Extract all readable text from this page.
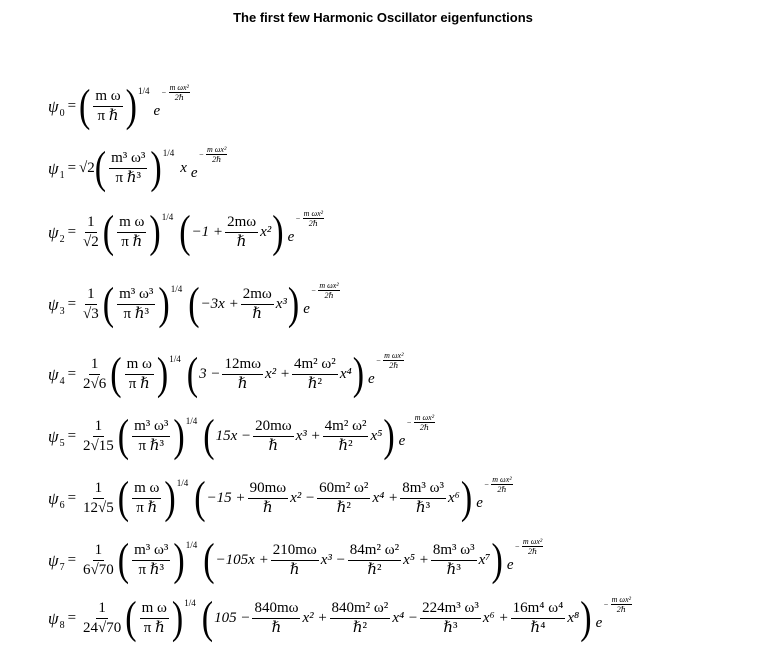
The first few Harmonic Oscillator eigenfunctions
ψ 0 = ( $\frac{\text{m ω}}{\text{π ℏ}}$ ) 1/4
e
− $\frac{\text{m ωx²}}{\text{2ℏ}}$
ψ 1 = √2 ( $\frac{\text{m³ ω³}}{\text{π ℏ³}}$ ) 1/4
x e
− $\frac{\text{m ωx²}}{\text{2ℏ}}$
ψ $2 = \frac{1}{√2}$ ( $\frac{\text{m ω}}{\text{π ℏ}}$ ) 1/4 ( $-1 + \frac{2m\omega}{\text{ℏ}} x^2$ ) e
− $\frac{\text{m ωx²}}{\text{2ℏ}}$
ψ $3 = \frac{1}{√3}$ ( $\frac{\text{m³ ω³}}{\text{π ℏ³}}$ ) 1/4 ( $-3x + \frac{2m\omega}{\text{ℏ}} x^3$ ) e
− $\frac{\text{m ωx²}}{\text{2ℏ}}$
ψ $4 = \frac{1}{2√6}$ ( $\frac{\text{m ω}}{\text{π ℏ}}$ ) 1/4 ( $3 - \frac{12m\omega}{\text{ℏ}} x^2 + \frac{\text{4m² ω²}}{\text{ℏ²}} x^4$ ) e
− $\frac{\text{m ωx²}}{\text{2ℏ}}$
ψ $5 = \frac{1}{2√15}$ ( $\frac{\text{m³ ω³}}{\text{π ℏ³}}$ ) 1/4 ( $15x - \frac{20m\omega}{\text{ℏ}} x^3 + \frac{\text{4m² ω²}}{\text{ℏ²}} x^5$ ) e
− $\frac{\text{m ωx²}}{\text{2ℏ}}$
ψ $6 = \frac{1}{12√5}$ ( $\frac{\text{m ω}}{\text{π ℏ}}$ ) 1/4 ( $-15 + \frac{90m\omega}{\text{ℏ}} x^2 - \frac{\text{60m² ω²}}{\text{ℏ²}} x^4 + \frac{\text{8m³ ω³}}{\text{ℏ³}} x^6$ ) e
− $\frac{\text{m ωx²}}{\text{2ℏ}}$
ψ $7 = \frac{1}{6√70}$ ( $\frac{\text{m³ ω³}}{\text{π ℏ³}}$ ) 1/4 ( $-105x + \frac{210m\omega}{\text{ℏ}} x^3 - \frac{\text{84m² ω²}}{\text{ℏ²}} x^5 + \frac{\text{8m³ ω³}}{\text{ℏ³}} x^7$ ) e
− $\frac{\text{m ωx²}}{\text{2ℏ}}$
ψ $8 = \frac{1}{24√70}$ ( $\frac{\text{m ω}}{\text{π ℏ}}$ ) 1/4 ( $105 - \frac{840m\omega}{\text{ℏ}} x^2 + \frac{\text{840m² ω²}}{\text{ℏ²}} x^4 - \frac{\text{224m³ ω³}}{\text{ℏ³}} x^6 + \frac{\text{16m⁴ ω⁴}}{\text{ℏ⁴}} x^8$ ) e
− $\frac{\text{m ωx²}}{\text{2ℏ}}$
